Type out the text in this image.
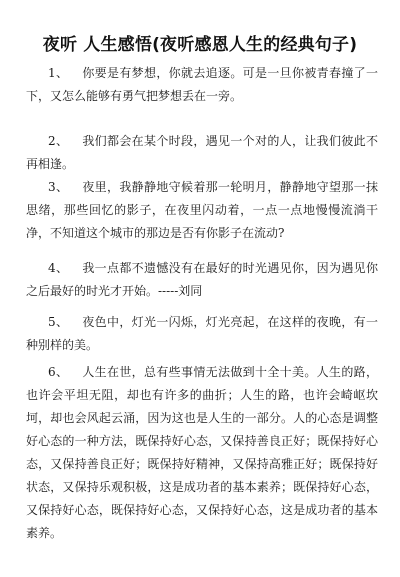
夜听 人生感悟(夜听感恩人生的经典句子)

1、 你要是有梦想，你就去追逐。可是一旦你被青春撞了一下，又怎么能够有勇气把梦想丢在一旁。

2、 我们都会在某个时段，遇见一个对的人，让我们彼此不再相逢。

3、 夜里，我静静地守候着那一轮明月，静静地守望那一抹思绪，那些回忆的影子，在夜里闪动着，一点一点地慢慢流淌干净，不知道这个城市的那边是否有你影子在流动?

4、 我一点都不遗憾没有在最好的时光遇见你，因为遇见你之后最好的时光才开始。-----刘同

5、 夜色中，灯光一闪烁，灯光亮起，在这样的夜晚，有一种别样的美。

6、 人生在世，总有些事情无法做到十全十美。人生的路，也许会平坦无阻，却也有许多的曲折；人生的路，也许会崎岖坎坷，却也会风起云涌，因为这也是人生的一部分。人的心态是调整好心态的一种方法，既保持好心态，又保持善良正好；既保持好心态，又保持善良正好；既保持好精神，又保持高雅正好；既保持好状态，又保持乐观积极，这是成功者的基本素养；既保持好心态，又保持好心态，既保持好心态，又保持好心态，这是成功者的基本素养。
